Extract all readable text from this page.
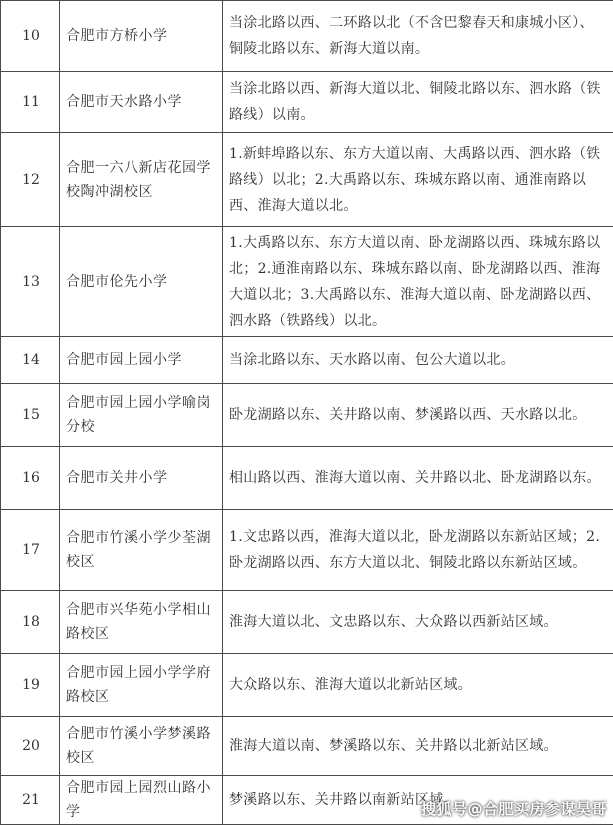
10	合肥市方桥小学	当涂北路以西、二环路以北（不含巴黎春天和康城小区）、铜陵北路以东、新海大道以南。
11	合肥市天水路小学	当涂北路以西、新海大道以北、铜陵北路以东、泗水路（铁路线）以南。
12	合肥一六八新店花园学校陶冲湖校区	1.新蚌埠路以东、东方大道以南、大禹路以西、泗水路（铁路线）以北；2.大禹路以东、珠城东路以南、通淮南路以西、淮海大道以北。
13	合肥市伦先小学	1.大禹路以东、东方大道以南、卧龙湖路以西、珠城东路以北；2.通淮南路以东、珠城东路以南、卧龙湖路以西、淮海大道以北；3.大禹路以东、淮海大道以南、卧龙湖路以西、泗水路（铁路线）以北。
14	合肥市园上园小学	当涂北路以东、天水路以南、包公大道以北。
15	合肥市园上园小学喻岗分校	卧龙湖路以东、关井路以南、梦溪路以西、天水路以北。
16	合肥市关井小学	相山路以西、淮海大道以南、关井路以北、卧龙湖路以东。
17	合肥市竹溪小学少荃湖校区	1.文忠路以西，淮海大道以北，卧龙湖路以东新站区域；2.卧龙湖路以西、东方大道以北、铜陵北路以东新站区域。
18	合肥市兴华苑小学相山路校区	淮海大道以北、文忠路以东、大众路以西新站区域。
19	合肥市园上园小学学府路校区	大众路以东、淮海大道以北新站区域。
20	合肥市竹溪小学梦溪路校区	淮海大道以南、梦溪路以东、关井路以北新站区域。
21	合肥市园上园烈山路小学	梦溪路以东、关井路以南新站区域。
搜狐号@合肥买房参谋昊哥
